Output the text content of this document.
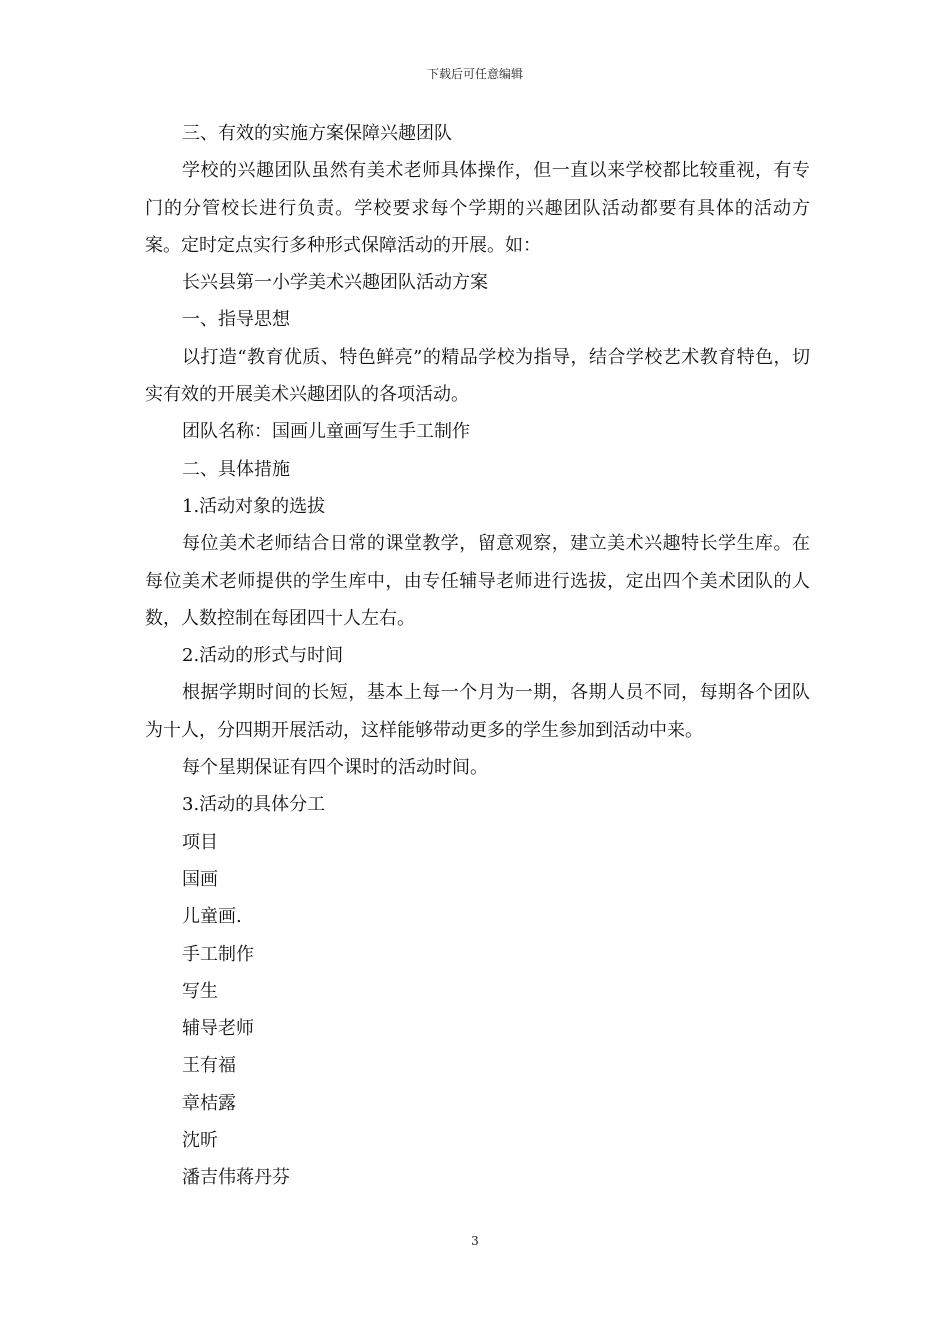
下载后可任意编辑

三、有效的实施方案保障兴趣团队

学校的兴趣团队虽然有美术老师具体操作，但一直以来学校都比较重视，有专门的分管校长进行负责。学校要求每个学期的兴趣团队活动都要有具体的活动方案。定时定点实行多种形式保障活动的开展。如：

长兴县第一小学美术兴趣团队活动方案

一、指导思想

以打造“教育优质、特色鲜亮”的精品学校为指导，结合学校艺术教育特色，切实有效的开展美术兴趣团队的各项活动。

团队名称：国画儿童画写生手工制作

二、具体措施

1.活动对象的选拔

每位美术老师结合日常的课堂教学，留意观察，建立美术兴趣特长学生库。在每位美术老师提供的学生库中，由专任辅导老师进行选拔，定出四个美术团队的人数，人数控制在每团四十人左右。

2.活动的形式与时间

根据学期时间的长短，基本上每一个月为一期，各期人员不同，每期各个团队为十人，分四期开展活动，这样能够带动更多的学生参加到活动中来。

每个星期保证有四个课时的活动时间。

3.活动的具体分工

项目

国画

儿童画.

手工制作

写生

辅导老师

王有福

章桔露

沈昕

潘吉伟蒋丹芬

3
